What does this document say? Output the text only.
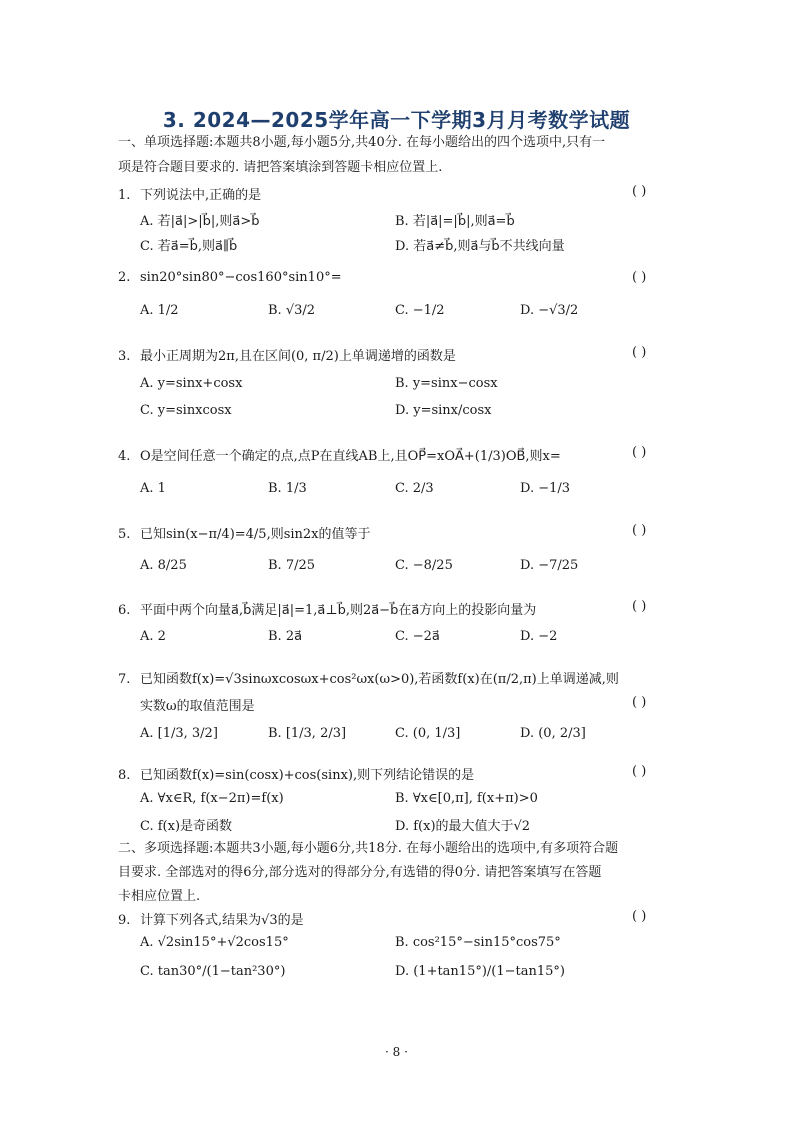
3. 2024—2025学年高一下学期3月月考数学试题
一、单项选择题:本题共8小题,每小题5分,共40分. 在每小题给出的四个选项中,只有一
项是符合题目要求的. 请把答案填涂到答题卡相应位置上.
1. 下列说法中,正确的是	( )
A. 若|a⃗|>|b⃗|,则a⃗>b⃗	B. 若|a⃗|=|b⃗|,则a⃗=b⃗
C. 若a⃗=b⃗,则a⃗∥b⃗	D. 若a⃗≠b⃗,则a⃗与b⃗不共线向量
2. sin20°sin80°−cos160°sin10°=	( )
A. 1/2	B. √3/2	C. −1/2	D. −√3/2
3. 最小正周期为2π,且在区间(0, π/2)上单调递增的函数是	( )
A. y=sinx+cosx	B. y=sinx−cosx
C. y=sinxcosx	D. y=sinx/cosx
4. O是空间任意一个确定的点,点P在直线AB上,且OP⃗=xOA⃗+(1/3)OB⃗,则x=	( )
A. 1	B. 1/3	C. 2/3	D. −1/3
5. 已知sin(x−π/4)=4/5,则sin2x的值等于	( )
A. 8/25	B. 7/25	C. −8/25	D. −7/25
6. 平面中两个向量a⃗,b⃗满足|a⃗|=1,a⃗⊥b⃗,则2a⃗−b⃗在a⃗方向上的投影向量为	( )
A. 2	B. 2a⃗	C. −2a⃗	D. −2
7. 已知函数f(x)=√3sinωxcosωx+cos²ωx(ω>0),若函数f(x)在(π/2,π)上单调递减,则
实数ω的取值范围是	( )
A. [1/3, 3/2]	B. [1/3, 2/3]	C. (0, 1/3]	D. (0, 2/3]
8. 已知函数f(x)=sin(cosx)+cos(sinx),则下列结论错误的是	( )
A. ∀x∈R, f(x−2π)=f(x)	B. ∀x∈[0,π], f(x+π)>0
C. f(x)是奇函数	D. f(x)的最大值大于√2
二、多项选择题:本题共3小题,每小题6分,共18分. 在每小题给出的选项中,有多项符合题
目要求. 全部选对的得6分,部分选对的得部分分,有选错的得0分. 请把答案填写在答题
卡相应位置上.
9. 计算下列各式,结果为√3的是	( )
A. √2sin15°+√2cos15°	B. cos²15°−sin15°cos75°
C. tan30°/(1−tan²30°)	D. (1+tan15°)/(1−tan15°)
· 8 ·
